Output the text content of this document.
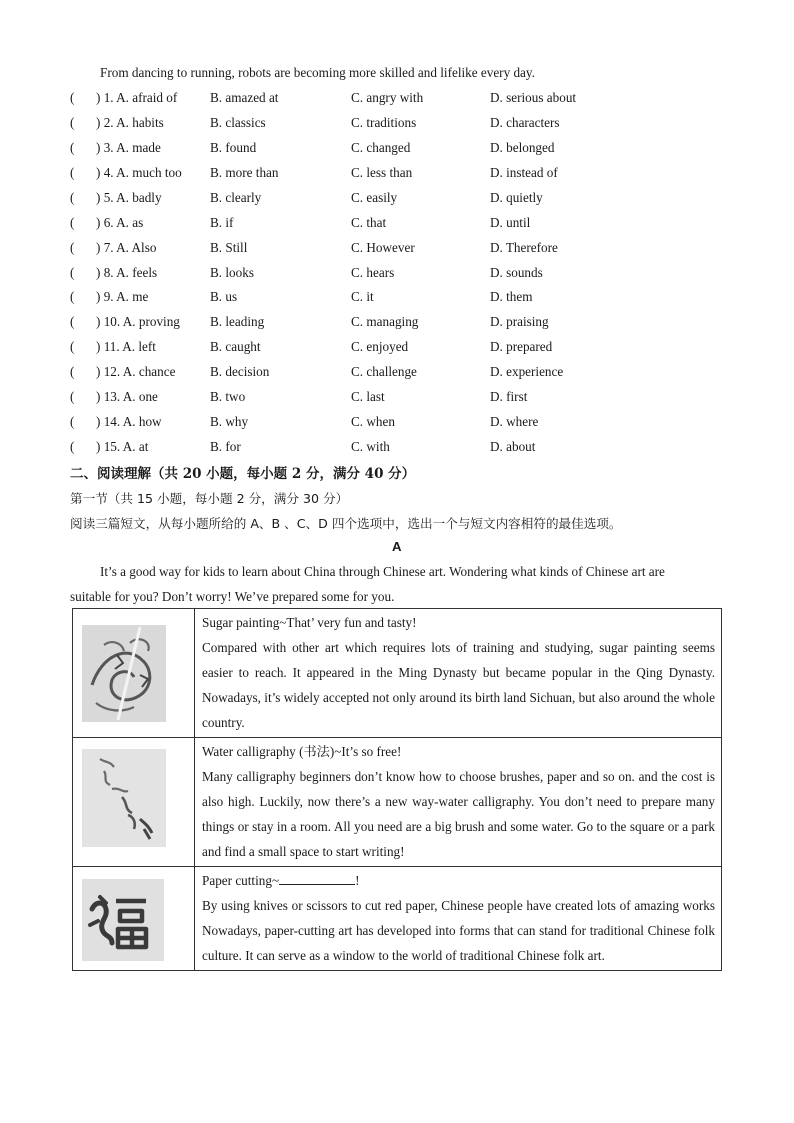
From dancing to running, robots are becoming more skilled and lifelike every day.
( ) 1. A. afraid of B. amazed at	C. angry with	D. serious about
( ) 2. A. habits	B. classics	C. traditions	D. characters
( ) 3. A. made	B. found	C. changed	D. belonged
( ) 4. A. much too B. more than	C. less than	D. instead of
( ) 5. A. badly	B. clearly	C. easily	D. quietly
( ) 6. A. as	B. if	C. that	D. until
( ) 7. A. Also	B. Still	C. However	D. Therefore
( ) 8. A. feels	B. looks	C. hears	D. sounds
( ) 9. A. me	B. us	C. it	D. them
( ) 10. A. proving B. leading	C. managing	D. praising
( ) 11. A. left	B. caught	C. enjoyed	D. prepared
( ) 12. A. chance	B. decision	C. challenge	D. experience
( ) 13. A. one	B. two	C. last	D. first
( ) 14. A. how	B. why	C. when	D. where
( ) 15. A. at	B. for	C. with	D. about
二、阅读理解（共 20 小题，每小题 2 分，满分 40 分）
第一节（共 15 小题，每小题 2 分，满分 30 分）
阅读三篇短文，从每小题所给的 A、B 、C、D 四个选项中，选出一个与短文内容相符的最佳选项。
A
It’s a good way for kids to learn about China through Chinese art. Wondering what kinds of Chinese art are
suitable for you? Don’t worry! We’ve prepared some for you.

Sugar painting~That’ very fun and tasty!
Compared with other art which requires lots of training and studying, sugar painting seems easier to reach. It appeared in the Ming Dynasty but became popular in the Qing Dynasty. Nowadays, it’s widely accepted not only around its birth land Sichuan, but also around the whole country.

Water calligraphy (书法)~It’s so free!
Many calligraphy beginners don’t know how to choose brushes, paper and so on. and the cost is also high. Luckily, now there’s a new way-water calligraphy. You don’t need to prepare many things or stay in a room. All you need are a big brush and some water. Go to the square or a park and find a small space to start writing!

Paper cutting~ !
By using knives or scissors to cut red paper, Chinese people have created lots of amazing works Nowadays, paper-cutting art has developed into forms that can stand for traditional Chinese folk culture. It can serve as a window to the world of traditional Chinese folk art.
